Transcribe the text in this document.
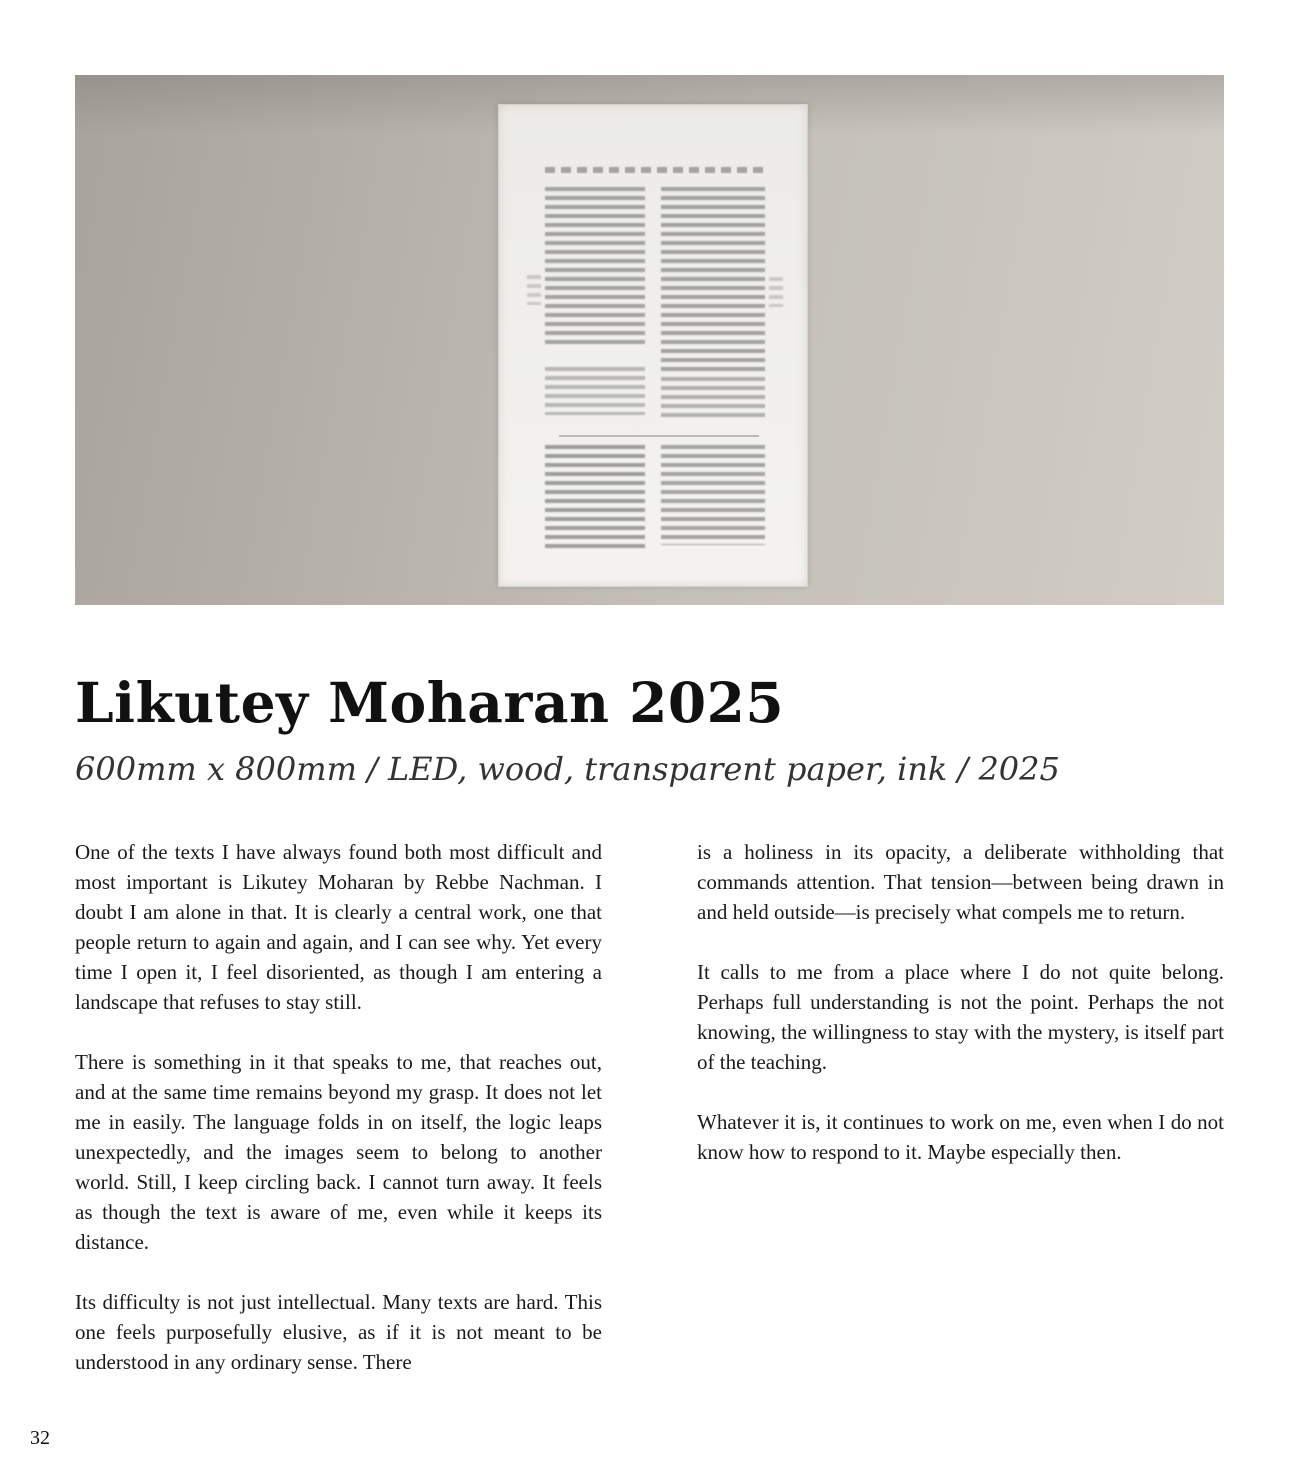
Likutey Moharan 2025
600mm x 800mm / LED, wood, transparent paper, ink / 2025

One of the texts I have always found both most difficult and most important is Likutey Moharan by Rebbe Nachman. I doubt I am alone in that. It is clearly a central work, one that people return to again and again, and I can see why. Yet every time I open it, I feel disoriented, as though I am entering a landscape that refuses to stay still.

There is something in it that speaks to me, that reaches out, and at the same time remains beyond my grasp. It does not let me in easily. The language folds in on itself, the logic leaps unexpectedly, and the images seem to belong to another world. Still, I keep circling back. I cannot turn away. It feels as though the text is aware of me, even while it keeps its distance.

Its difficulty is not just intellectual. Many texts are hard. This one feels purposefully elusive, as if it is not meant to be understood in any ordinary sense. There

is a holiness in its opacity, a deliberate withholding that commands attention. That tension—between being drawn in and held outside—is precisely what compels me to return.

It calls to me from a place where I do not quite belong. Perhaps full understanding is not the point. Perhaps the not knowing, the willingness to stay with the mystery, is itself part of the teaching.

Whatever it is, it continues to work on me, even when I do not know how to respond to it. Maybe especially then.

32
